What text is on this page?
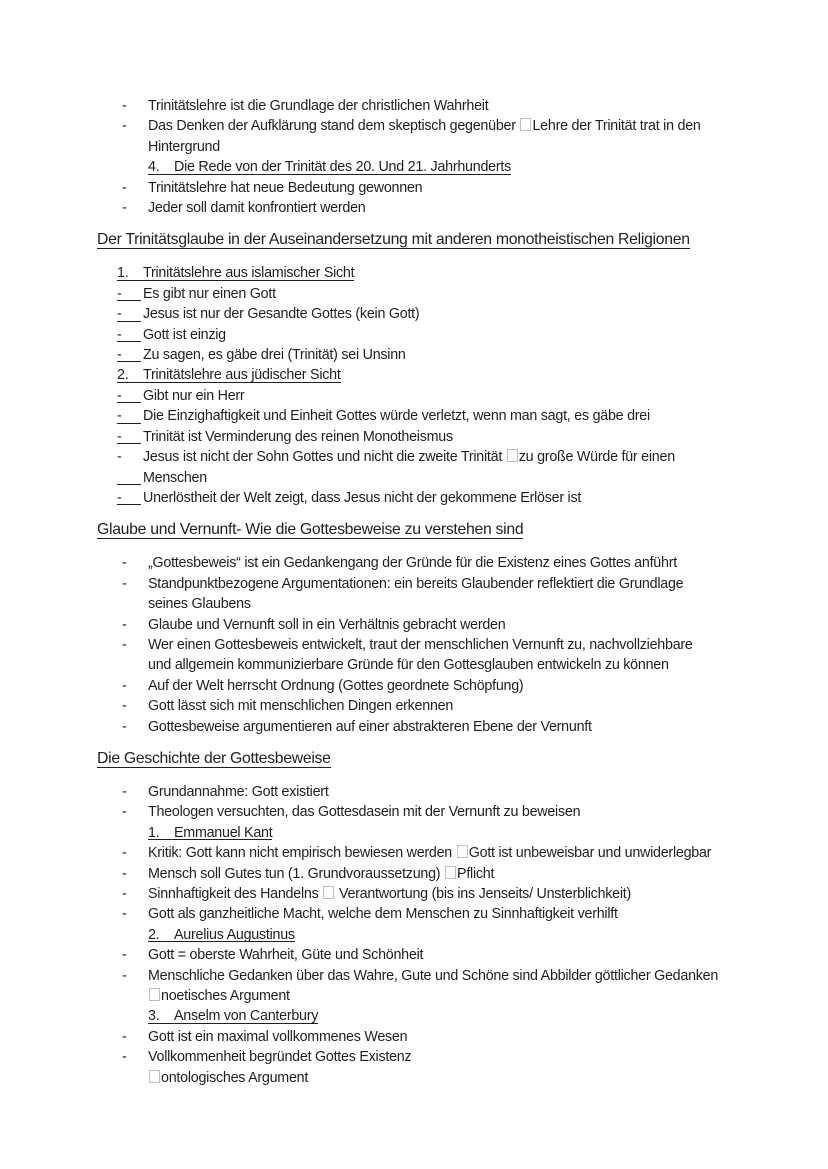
-	Trinitätslehre ist die Grundlage der christlichen Wahrheit
-	Das Denken der Aufklärung stand dem skeptisch gegenüber Lehre der Trinität trat in den
Hintergrund
4. Die Rede von der Trinität des 20. Und 21. Jahrhunderts
-	Trinitätslehre hat neue Bedeutung gewonnen
-	Jeder soll damit konfrontiert werden
Der Trinitätsglaube in der Auseinandersetzung mit anderen monotheistischen Religionen
1. Trinitätslehre aus islamischer Sicht
-	Es gibt nur einen Gott
-	Jesus ist nur der Gesandte Gottes (kein Gott)
-	Gott ist einzig
-	Zu sagen, es gäbe drei (Trinität) sei Unsinn
2. Trinitätslehre aus jüdischer Sicht
-	Gibt nur ein Herr
-	Die Einzighaftigkeit und Einheit Gottes würde verletzt, wenn man sagt, es gäbe drei
-	Trinität ist Verminderung des reinen Monotheismus
-	Jesus ist nicht der Sohn Gottes und nicht die zweite Trinität zu große Würde für einen
Menschen
-	Unerlöstheit der Welt zeigt, dass Jesus nicht der gekommene Erlöser ist
Glaube und Vernunft- Wie die Gottesbeweise zu verstehen sind
-	„Gottesbeweis“ ist ein Gedankengang der Gründe für die Existenz eines Gottes anführt
-	Standpunktbezogene Argumentationen: ein bereits Glaubender reflektiert die Grundlage
seines Glaubens
-	Glaube und Vernunft soll in ein Verhältnis gebracht werden
-	Wer einen Gottesbeweis entwickelt, traut der menschlichen Vernunft zu, nachvollziehbare
und allgemein kommunizierbare Gründe für den Gottesglauben entwickeln zu können
-	Auf der Welt herrscht Ordnung (Gottes geordnete Schöpfung)
-	Gott lässt sich mit menschlichen Dingen erkennen
-	Gottesbeweise argumentieren auf einer abstrakteren Ebene der Vernunft
Die Geschichte der Gottesbeweise
-	Grundannahme: Gott existiert
-	Theologen versuchten, das Gottesdasein mit der Vernunft zu beweisen
1. Emmanuel Kant
-	Kritik: Gott kann nicht empirisch bewiesen werden Gott ist unbeweisbar und unwiderlegbar
-	Mensch soll Gutes tun (1. Grundvoraussetzung) Pflicht
-	Sinnhaftigkeit des Handelns  Verantwortung (bis ins Jenseits/ Unsterblichkeit)
-	Gott als ganzheitliche Macht, welche dem Menschen zu Sinnhaftigkeit verhilft
2. Aurelius Augustinus
-	Gott = oberste Wahrheit, Güte und Schönheit
-	Menschliche Gedanken über das Wahre, Gute und Schöne sind Abbilder göttlicher Gedanken
noetisches Argument
3. Anselm von Canterbury
-	Gott ist ein maximal vollkommenes Wesen
-	Vollkommenheit begründet Gottes Existenz
ontologisches Argument
